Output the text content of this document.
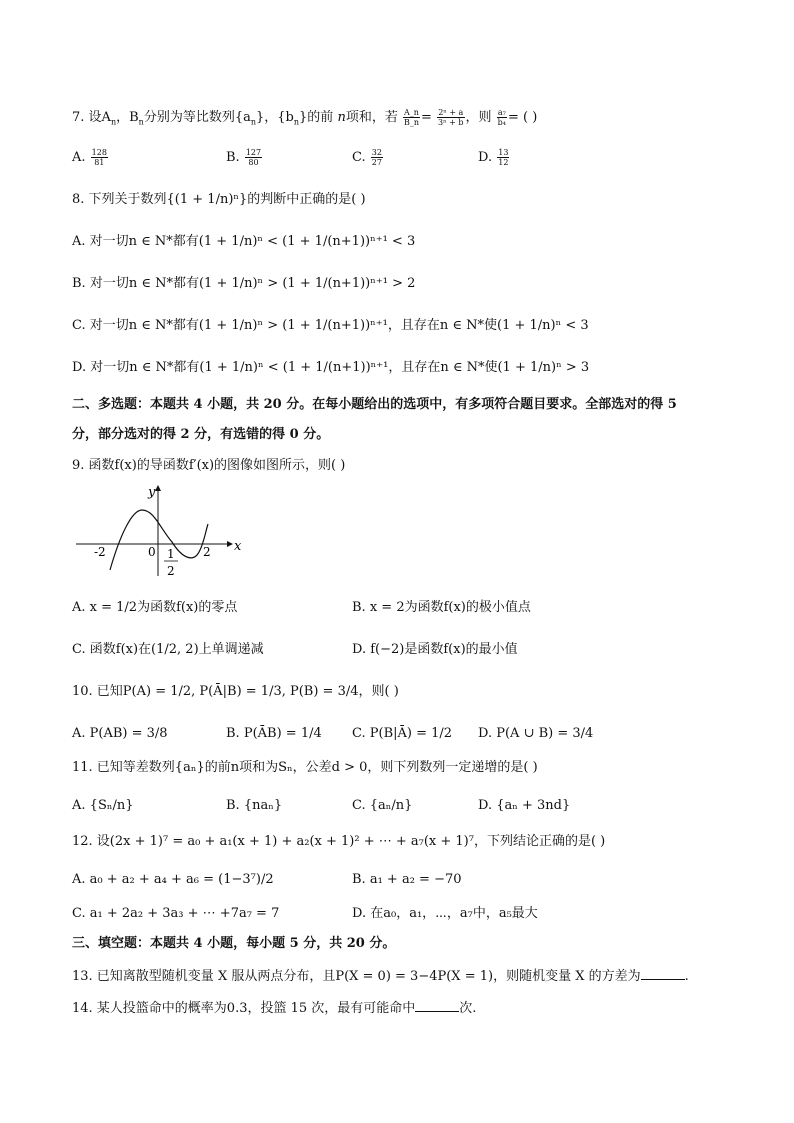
7. 设$A_n$，$B_n$分别为等比数列$\{a_n\}$，$\{b_n\}$的前 n项和，若 $\frac{A\_n}{B\_n} = \frac{\text{2ⁿ + a}}{\text{3ⁿ + b}}$ ，则 $\frac{\text{a₇}}{\text{b₄}}$ = ( )
A. $\frac{128}{81}$	B. $\frac{127}{80}$	C. $\frac{32}{27}$	D. $\frac{13}{12}$
8. 下列关于数列{(1 + 1/n)ⁿ}的判断中正确的是( )
A. 对一切n ∈ N*都有(1 + 1/n)ⁿ < (1 + 1/(n+1))ⁿ⁺¹ < 3
B. 对一切n ∈ N*都有(1 + 1/n)ⁿ > (1 + 1/(n+1))ⁿ⁺¹ > 2
C. 对一切n ∈ N*都有(1 + 1/n)ⁿ > (1 + 1/(n+1))ⁿ⁺¹，且存在n ∈ N*使(1 + 1/n)ⁿ < 3
D. 对一切n ∈ N*都有(1 + 1/n)ⁿ < (1 + 1/(n+1))ⁿ⁺¹，且存在n ∈ N*使(1 + 1/n)ⁿ > 3
二、多选题：本题共 4 小题，共 20 分。在每小题给出的选项中，有多项符合题目要求。全部选对的得 5
分，部分选对的得 2 分，有选错的得 0 分。
9. 函数f(x)的导函数f′(x)的图像如图所示，则( )
y
x
-2	0 1
2
2
A. x = 1/2为函数f(x)的零点	B. x = 2为函数f(x)的极小值点
C. 函数f(x)在(1/2, 2)上单调递减	D. f(−2)是函数f(x)的最小值
10. 已知P(A) = 1/2, P(Ā|B) = 1/3, P(B) = 3/4，则( )
A. P(AB) = 3/8	B. P(ĀB) = 1/4 C. P(B|Ā) = 1/2 D. P(A ∪ B) = 3/4
11. 已知等差数列{aₙ}的前n项和为Sₙ，公差d > 0，则下列数列一定递增的是( )
A. {Sₙ/n}	B. {naₙ}	C. {aₙ/n}	D. {aₙ + 3nd}
12. 设(2x + 1)⁷ = a₀ + a₁(x + 1) + a₂(x + 1)² + ⋯ + a₇(x + 1)⁷，下列结论正确的是( )
A. a₀ + a₂ + a₄ + a₆ = (1−3⁷)/2	B. a₁ + a₂ = −70
C. a₁ + 2a₂ + 3a₃ + ⋯ +7a₇ = 7	D. 在a₀，a₁，⋯，a₇中，a₅最大
三、填空题：本题共 4 小题，每小题 5 分，共 20 分。
13. 已知离散型随机变量 X 服从两点分布，且P(X = 0) = 3−4P(X = 1)，则随机变量 X 的方差为	.
14. 某人投篮命中的概率为0.3，投篮 15 次，最有可能命中	次.
